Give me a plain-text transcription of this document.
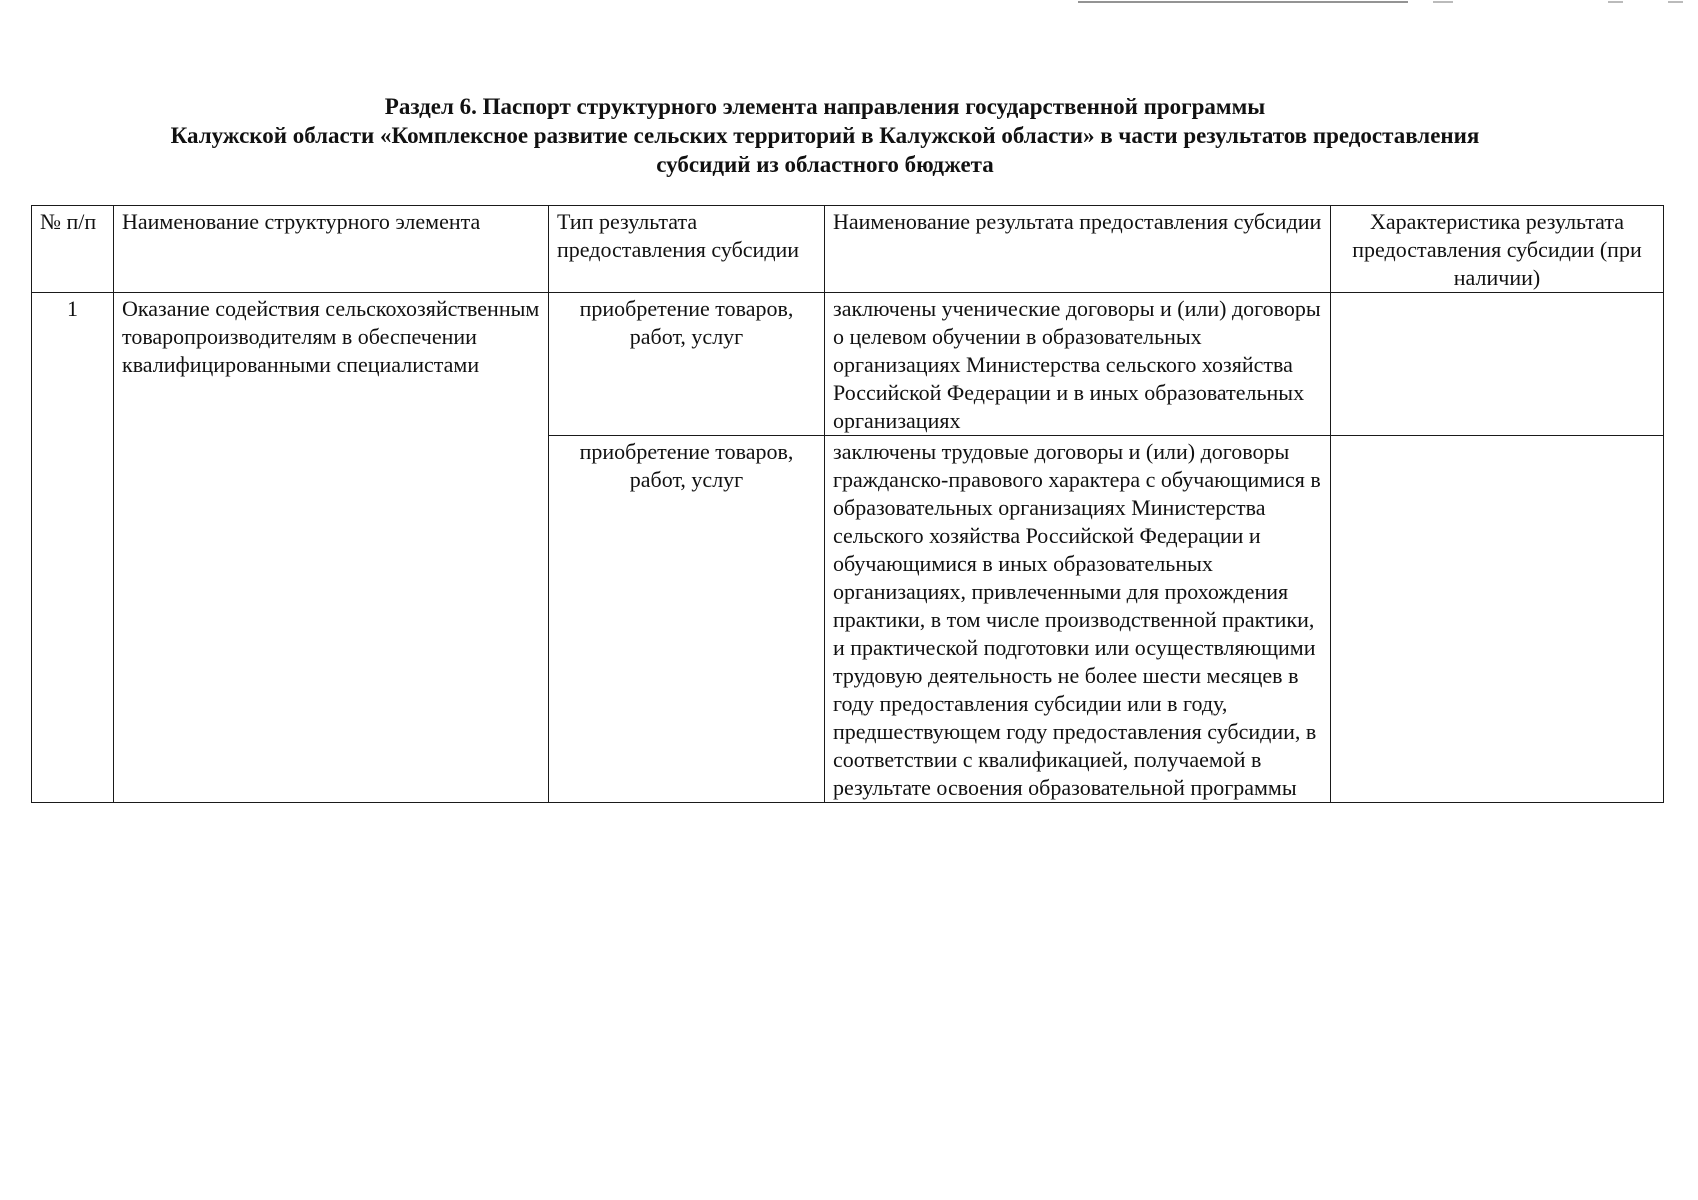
Раздел 6. Паспорт структурного элемента направления государственной программы
Калужской области «Комплексное развитие сельских территорий в Калужской области» в части результатов предоставления
субсидий из областного бюджета
№ п/п	Наименование структурного элемента	Тип результата предоставления субсидии	Наименование результата предоставления субсидии	Характеристика результата предоставления субсидии (при наличии)
1	Оказание содействия сельскохозяйственным товаропроизводителям в обеспечении квалифицированными специалистами	приобретение товаров, работ, услуг	заключены ученические договоры и (или) договоры о целевом обучении в образовательных организациях Министерства сельского хозяйства Российской Федерации и в иных образовательных организациях	
		приобретение товаров, работ, услуг	заключены трудовые договоры и (или) договоры гражданско-правового характера с обучающимися в образовательных организациях Министерства сельского хозяйства Российской Федерации и обучающимися в иных образовательных организациях, привлеченными для прохождения практики, в том числе производственной практики, и практической подготовки или осуществляющими трудовую деятельность не более шести месяцев в году предоставления субсидии или в году, предшествующем году предоставления субсидии, в соответствии с квалификацией, получаемой в результате освоения образовательной программы	
